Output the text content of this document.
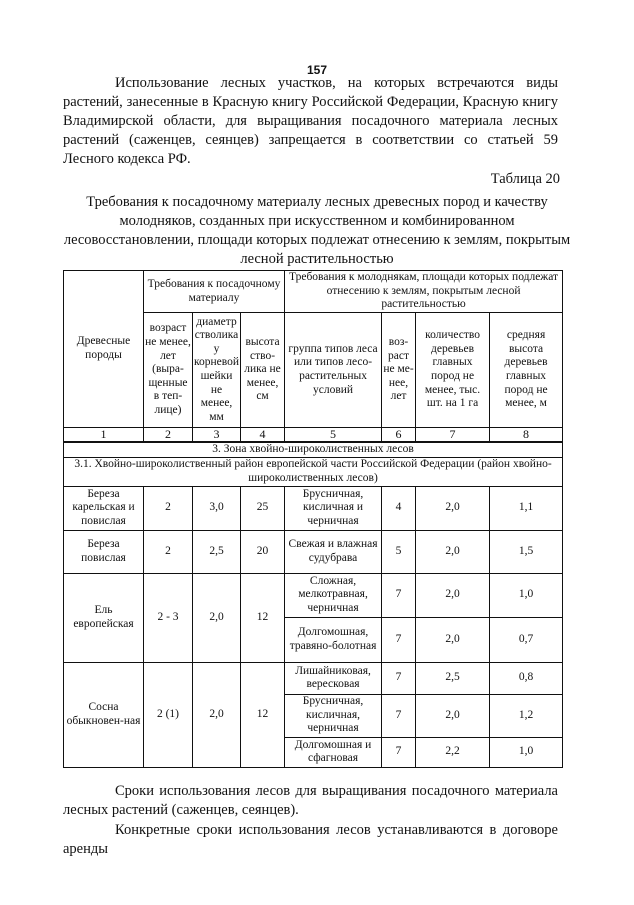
157
Использование лесных участков, на которых встречаются виды растений, занесенные в Красную книгу Российской Федерации, Красную книгу Владимирской области, для выращивания посадочного материала лесных растений (саженцев, сеянцев) запрещается в соответствии со статьей 59 Лесного кодекса РФ.
Таблица 20
Требования к посадочному материалу лесных древесных пород и качеству молодняков, созданных при искусственном и комбинированном лесовосстановлении, площади которых подлежат отнесению к землям, покрытым лесной растительностью
Древесные породы	Требования к посадочному материалу			Требования к молоднякам, площади которых подлежат отнесению к землям, покрытым лесной растительностью			
	возраст не менее, лет (выра-щенные в теп-лице)	диаметр стволика у корневой шейки не менее, мм	высота ство-лика не менее, см	группа типов леса или типов лесо-растительных условий	воз-раст не ме-нее, лет	количество деревьев главных пород не менее, тыс. шт. на 1 га	средняя высота деревьев главных пород не менее, м
1	2	3	4	5	6	7	8
3. Зона хвойно-широколиственных лесов							
3.1. Хвойно-широколиственный район европейской части Российской Федерации (район хвойно-широколиственных лесов)							
Береза карельская и повислая	2	3,0	25	Брусничная, кисличная и черничная	4	2,0	1,1
Береза повислая	2	2,5	20	Свежая и влажная судубрава	5	2,0	1,5
Ель европейская	2 - 3	2,0	12	Сложная, мелкотравная, черничная	7	2,0	1,0
				Долгомошная, травяно-болотная	7	2,0	0,7
Сосна обыкновен-ная	2 (1)	2,0	12	Лишайниковая, вересковая	7	2,5	0,8
				Брусничная, кисличная, черничная	7	2,0	1,2
				Долгомошная и сфагновая	7	2,2	1,0
Сроки использования лесов для выращивания посадочного материала лесных растений (саженцев, сеянцев).
Конкретные сроки использования лесов устанавливаются в договоре аренды
